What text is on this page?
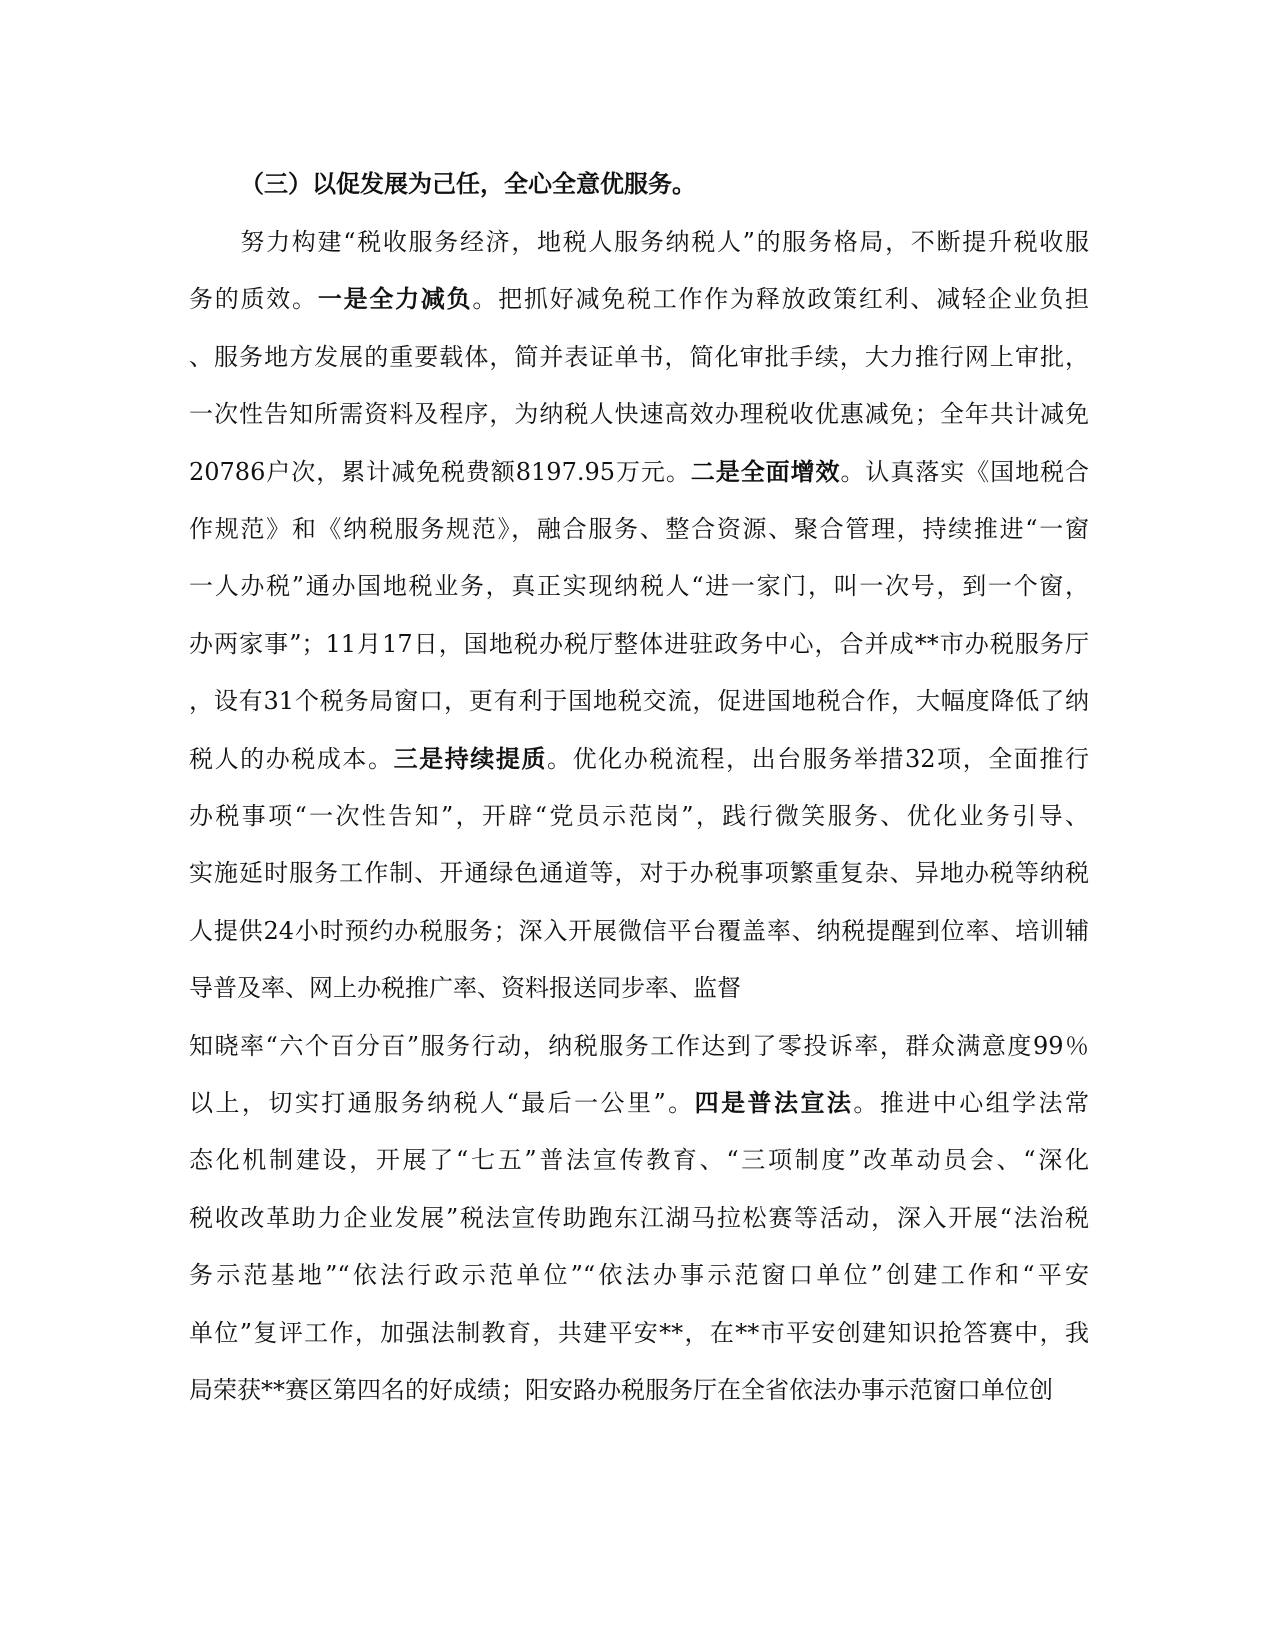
（三）以促发展为己任，全心全意优服务。

　　努力构建“税收服务经济，地税人服务纳税人”的服务格局，不断提升税收服

务的质效。一是全力减负。把抓好减免税工作作为释放政策红利、减轻企业负担

、服务地方发展的重要载体，简并表证单书，简化审批手续，大力推行网上审批，

一次性告知所需资料及程序，为纳税人快速高效办理税收优惠减免；全年共计减免

20786户次，累计减免税费额8197.95万元。二是全面增效。认真落实《国地税合

作规范》和《纳税服务规范》，融合服务、整合资源、聚合管理，持续推进“一窗

一人办税”通办国地税业务，真正实现纳税人“进一家门，叫一次号，到一个窗，

办两家事”；11月17日，国地税办税厅整体进驻政务中心，合并成**市办税服务厅

，设有31个税务局窗口，更有利于国地税交流，促进国地税合作，大幅度降低了纳

税人的办税成本。三是持续提质。优化办税流程，出台服务举措32项，全面推行

办税事项“一次性告知”，开辟“党员示范岗”，践行微笑服务、优化业务引导、

实施延时服务工作制、开通绿色通道等，对于办税事项繁重复杂、异地办税等纳税

人提供24小时预约办税服务；深入开展微信平台覆盖率、纳税提醒到位率、培训辅

导普及率、网上办税推广率、资料报送同步率、监督

知晓率“六个百分百”服务行动，纳税服务工作达到了零投诉率，群众满意度99％

以上，切实打通服务纳税人“最后一公里”。四是普法宣法。推进中心组学法常

态化机制建设，开展了“七五”普法宣传教育、“三项制度”改革动员会、“深化

税收改革助力企业发展”税法宣传助跑东江湖马拉松赛等活动，深入开展“法治税

务示范基地”“依法行政示范单位”“依法办事示范窗口单位”创建工作和“平安

单位”复评工作，加强法制教育，共建平安**，在**市平安创建知识抢答赛中，我

局荣获**赛区第四名的好成绩；阳安路办税服务厅在全省依法办事示范窗口单位创
